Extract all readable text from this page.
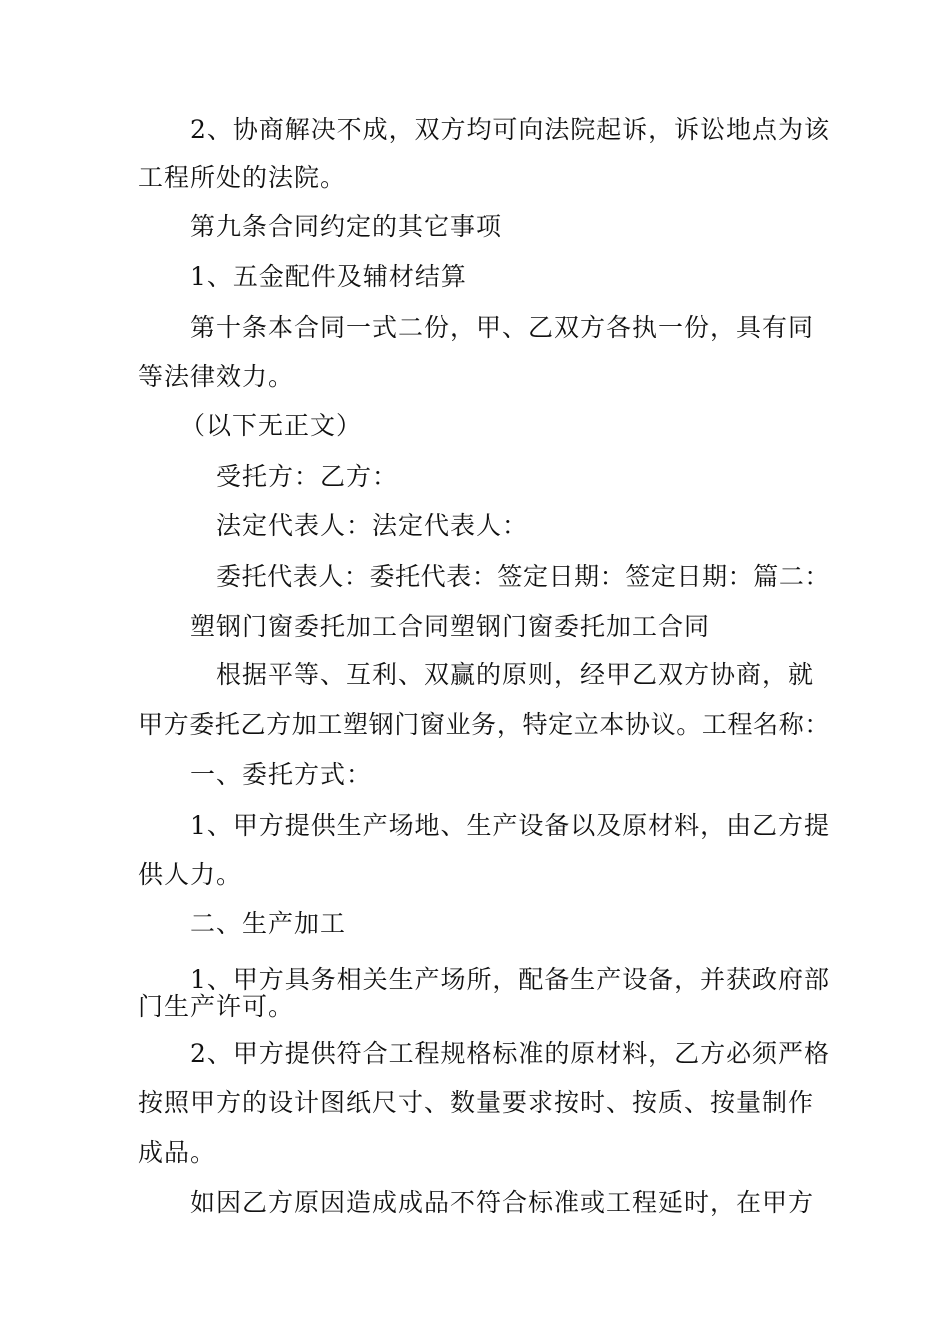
2、协商解决不成，双方均可向法院起诉，诉讼地点为该
工程所处的法院。
第九条合同约定的其它事项
1、五金配件及辅材结算
第十条本合同一式二份，甲、乙双方各执一份，具有同
等法律效力。
（以下无正文）
受托方：乙方：
法定代表人：法定代表人：
委托代表人：委托代表：签定日期：签定日期：篇二：
塑钢门窗委托加工合同塑钢门窗委托加工合同
根据平等、互利、双赢的原则，经甲乙双方协商，就
甲方委托乙方加工塑钢门窗业务，特定立本协议。工程名称：
一、委托方式：
1、甲方提供生产场地、生产设备以及原材料，由乙方提
供人力。
二、生产加工
1、甲方具务相关生产场所，配备生产设备，并获政府部
门生产许可。
2、甲方提供符合工程规格标准的原材料，乙方必须严格
按照甲方的设计图纸尺寸、数量要求按时、按质、按量制作
成品。
如因乙方原因造成成品不符合标准或工程延时，在甲方
